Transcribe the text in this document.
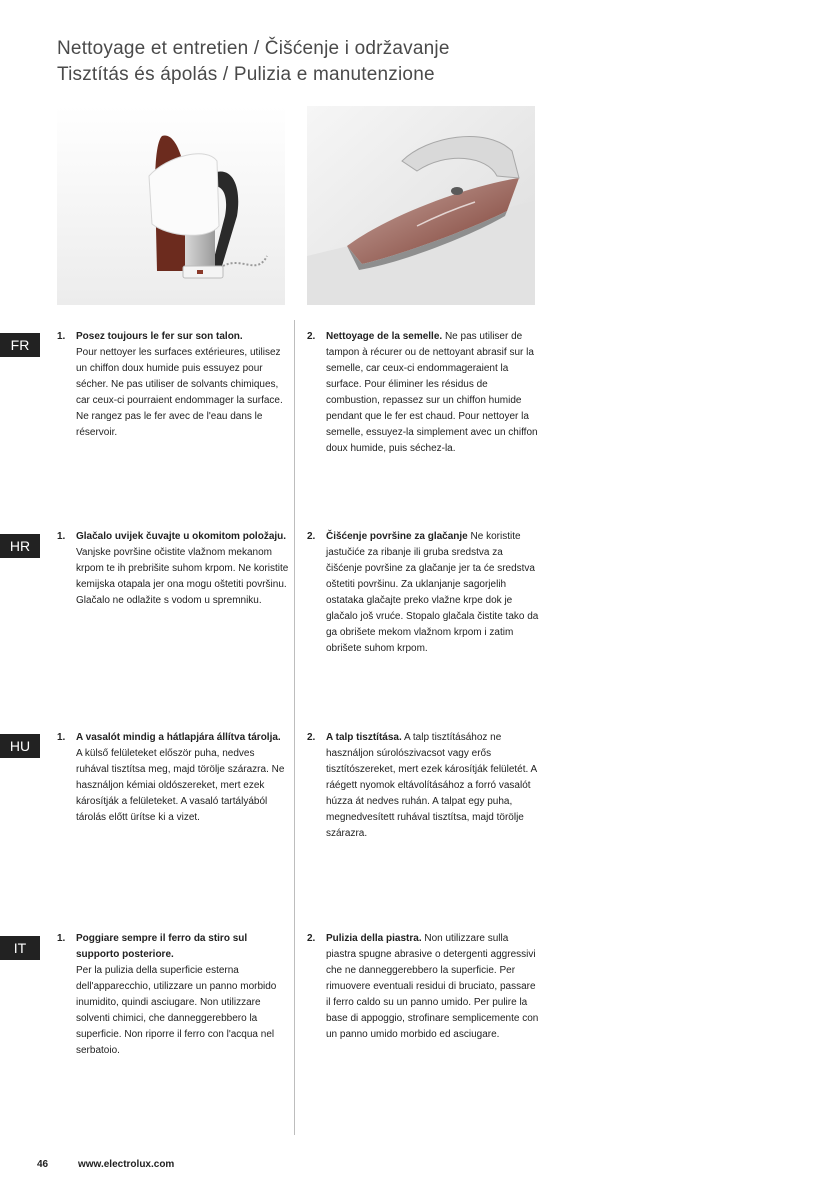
Nettoyage et entretien / Čišćenje i održavanje
Tisztítás és ápolás / Pulizia e manutenzione
FR
1. Posez toujours le fer sur son talon.
Pour nettoyer les surfaces extérieures, utilisez un chiffon doux humide puis essuyez pour sécher. Ne pas utiliser de solvants chimiques, car ceux-ci pourraient endommager la surface. Ne rangez pas le fer avec de l'eau dans le réservoir.
2. Nettoyage de la semelle. Ne pas utiliser de tampon à récurer ou de nettoyant abrasif sur la semelle, car ceux-ci endommageraient la surface. Pour éliminer les résidus de combustion, repassez sur un chiffon humide pendant que le fer est chaud. Pour nettoyer la semelle, essuyez-la simplement avec un chiffon doux humide, puis séchez-la.
HR
1. Glačalo uvijek čuvajte u okomitom položaju.
Vanjske površine očistite vlažnom mekanom krpom te ih prebrišite suhom krpom. Ne koristite kemijska otapala jer ona mogu oštetiti površinu. Glačalo ne odlažite s vodom u spremniku.
2. Čišćenje površine za glačanje Ne koristite jastučiće za ribanje ili gruba sredstva za čišćenje površine za glačanje jer ta će sredstva oštetiti površinu. Za uklanjanje sagorjelih ostataka glačajte preko vlažne krpe dok je glačalo još vruće. Stopalo glačala čistite tako da ga obrišete mekom vlažnom krpom i zatim obrišete suhom krpom.
HU
1. A vasalót mindig a hátlapjára állítva tárolja.
A külső felületeket először puha, nedves ruhával tisztítsa meg, majd törölje szárazra. Ne használjon kémiai oldószereket, mert ezek károsítják a felületeket. A vasaló tartályából tárolás előtt ürítse ki a vizet.
2. A talp tisztítása. A talp tisztításához ne használjon súrolószivacsot vagy erős tisztítószereket, mert ezek károsítják felületét. A ráégett nyomok eltávolításához a forró vasalót húzza át nedves ruhán. A talpat egy puha, megnedvesített ruhával tisztítsa, majd törölje szárazra.
IT
1. Poggiare sempre il ferro da stiro sul supporto posteriore.
Per la pulizia della superficie esterna dell'apparecchio, utilizzare un panno morbido inumidito, quindi asciugare. Non utilizzare solventi chimici, che danneggerebbero la superficie. Non riporre il ferro con l'acqua nel serbatoio.
2. Pulizia della piastra. Non utilizzare sulla piastra spugne abrasive o detergenti aggressivi che ne danneggerebbero la superficie. Per rimuovere eventuali residui di bruciato, passare il ferro caldo su un panno umido. Per pulire la base di appoggio, strofinare semplicemente con un panno umido morbido ed asciugare.
46	www.electrolux.com
